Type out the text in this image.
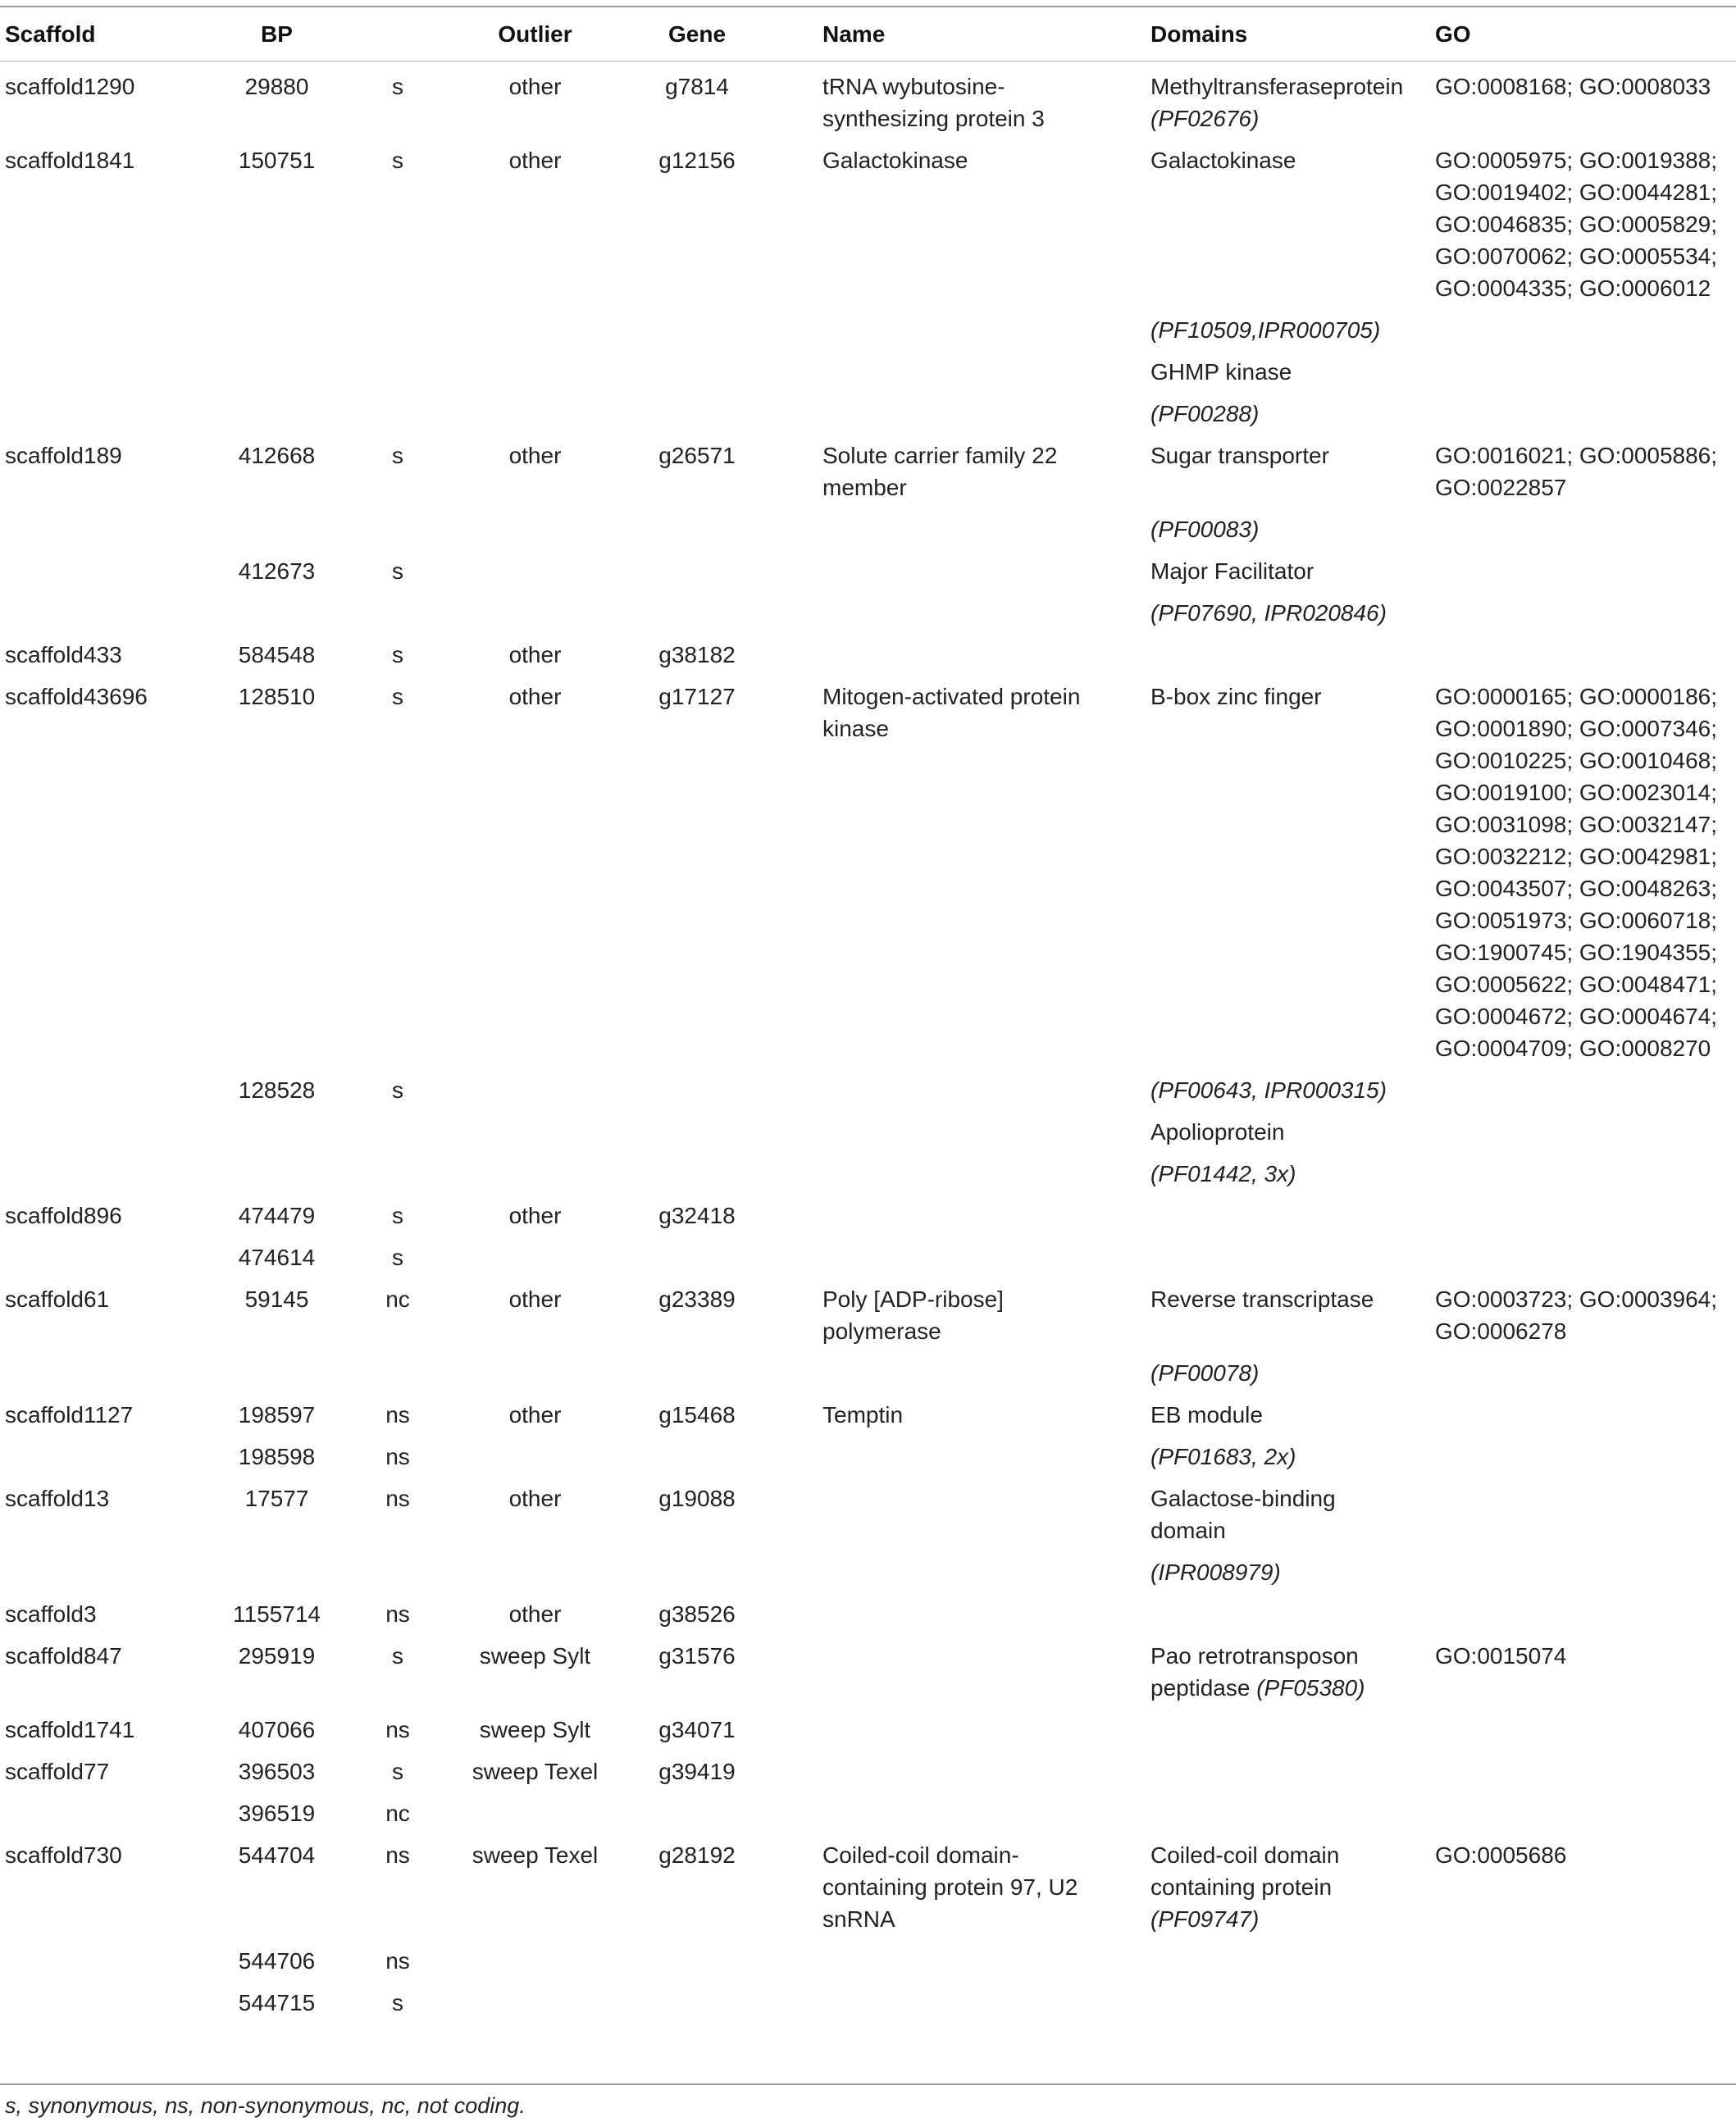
Scaffold	BP		Outlier	Gene	Name	Domains	GO
scaffold1290	29880	s	other	g7814	tRNA wybutosine-synthesizing protein 3	Methyltransferaseprotein (PF02676)	GO:0008168; GO:0008033
scaffold1841	150751	s	other	g12156	Galactokinase	Galactokinase	GO:0005975; GO:0019388; GO:0019402; GO:0044281; GO:0046835; GO:0005829; GO:0070062; GO:0005534; GO:0004335; GO:0006012
						(PF10509,IPR000705)	
						GHMP kinase	
						(PF00288)	
scaffold189	412668	s	other	g26571	Solute carrier family 22 member	Sugar transporter	GO:0016021; GO:0005886; GO:0022857
						(PF00083)	
	412673	s				Major Facilitator	
						(PF07690, IPR020846)	
scaffold433	584548	s	other	g38182			
scaffold43696	128510	s	other	g17127	Mitogen-activated protein kinase	B-box zinc finger	GO:0000165; GO:0000186; GO:0001890; GO:0007346; GO:0010225; GO:0010468; GO:0019100; GO:0023014; GO:0031098; GO:0032147; GO:0032212; GO:0042981; GO:0043507; GO:0048263; GO:0051973; GO:0060718; GO:1900745; GO:1904355; GO:0005622; GO:0048471; GO:0004672; GO:0004674; GO:0004709; GO:0008270
	128528	s				(PF00643, IPR000315)	
						Apolioprotein	
						(PF01442, 3x)	
scaffold896	474479	s	other	g32418			
	474614	s					
scaffold61	59145	nc	other	g23389	Poly [ADP-ribose] polymerase	Reverse transcriptase	GO:0003723; GO:0003964; GO:0006278
						(PF00078)	
scaffold1127	198597	ns	other	g15468	Temptin	EB module	
	198598	ns				(PF01683, 2x)	
scaffold13	17577	ns	other	g19088		Galactose-binding domain	
						(IPR008979)	
scaffold3	1155714	ns	other	g38526			
scaffold847	295919	s	sweep Sylt	g31576		Pao retrotransposon peptidase (PF05380)	GO:0015074
scaffold1741	407066	ns	sweep Sylt	g34071			
scaffold77	396503	s	sweep Texel	g39419			
	396519	nc					
scaffold730	544704	ns	sweep Texel	g28192	Coiled-coil domain-containing protein 97, U2 snRNA	Coiled-coil domain containing protein (PF09747)	GO:0005686
	544706	ns					
	544715	s					
s, synonymous, ns, non-synonymous, nc, not coding.
